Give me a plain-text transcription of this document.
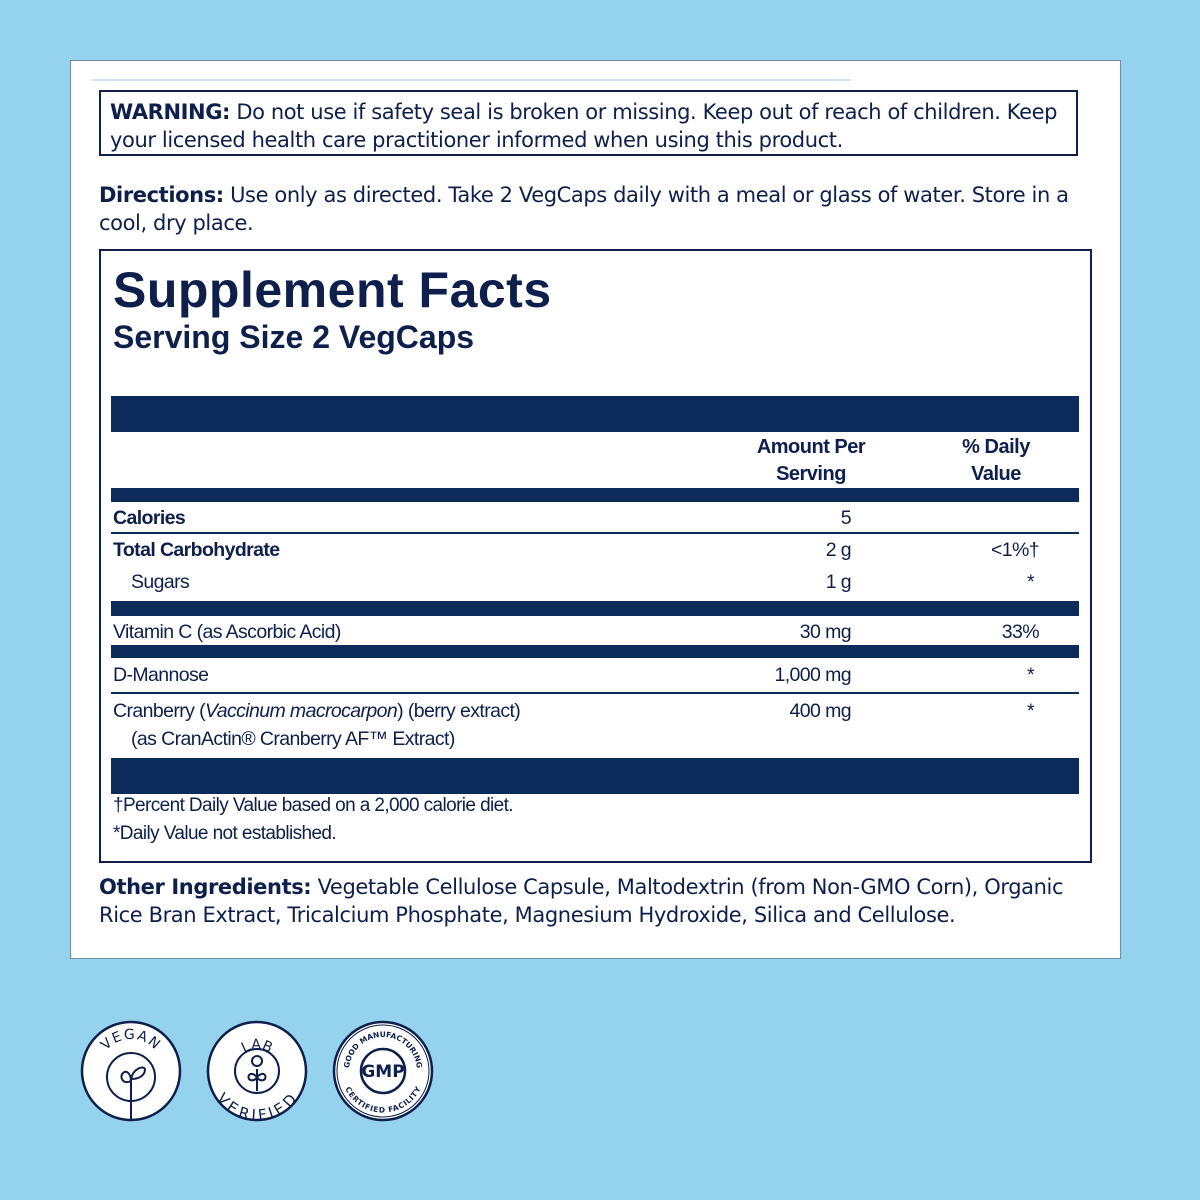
WARNING: Do not use if safety seal is broken or missing. Keep out of reach of children. Keep your licensed health care practitioner informed when using this product.
Directions: Use only as directed. Take 2 VegCaps daily with a meal or glass of water. Store in a cool, dry place.
Supplement Facts
Serving Size 2 VegCaps
Amount Per
Serving
% Daily
Value
Calories	5
Total Carbohydrate	2 g	<1%†
Sugars	1 g	*
Vitamin C (as Ascorbic Acid)	30 mg	33%
D-Mannose	1,000 mg	*
Cranberry (Vaccinum macrocarpon) (berry extract)	400 mg	*
(as CranActin® Cranberry AF™ Extract)
†Percent Daily Value based on a 2,000 calorie diet.
*Daily Value not established.
Other Ingredients: Vegetable Cellulose Capsule, Maltodextrin (from Non-GMO Corn), Organic Rice Bran Extract, Tricalcium Phosphate, Magnesium Hydroxide, Silica and Cellulose.
VEGAN	LAB
VERIFIED
GOOD MANUFACTURING
CERTIFIED FACILITY
GMP
